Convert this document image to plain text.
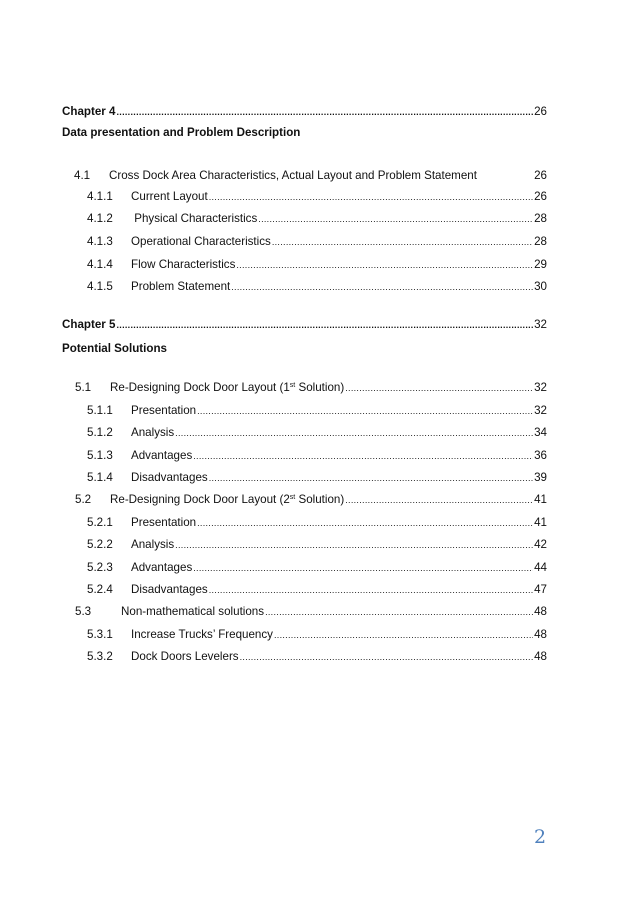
Chapter 4 .....	26
Data presentation and Problem Description
4.1	Cross Dock Area Characteristics, Actual Layout and Problem Statement	26
4.1.1	Current Layout .....	26
4.1.2	Physical Characteristics .....	28
4.1.3	Operational Characteristics .....	28
4.1.4	Flow Characteristics .....	29
4.1.5	Problem Statement .....	30
Chapter 5 .....	32
Potential Solutions
5.1	Re-Designing Dock Door Layout (1st Solution) .....	32
5.1.1	Presentation .....	32
5.1.2	Analysis .....	34
5.1.3	Advantages .....	36
5.1.4	Disadvantages .....	39
5.2	Re-Designing Dock Door Layout (2st Solution) .....	41
5.2.1	Presentation .....	41
5.2.2	Analysis .....	42
5.2.3	Advantages .....	44
5.2.4	Disadvantages .....	47
5.3	Non-mathematical solutions .....	48
5.3.1	Increase Trucks’ Frequency .....	48
5.3.2	Dock Doors Levelers .....	48
2
